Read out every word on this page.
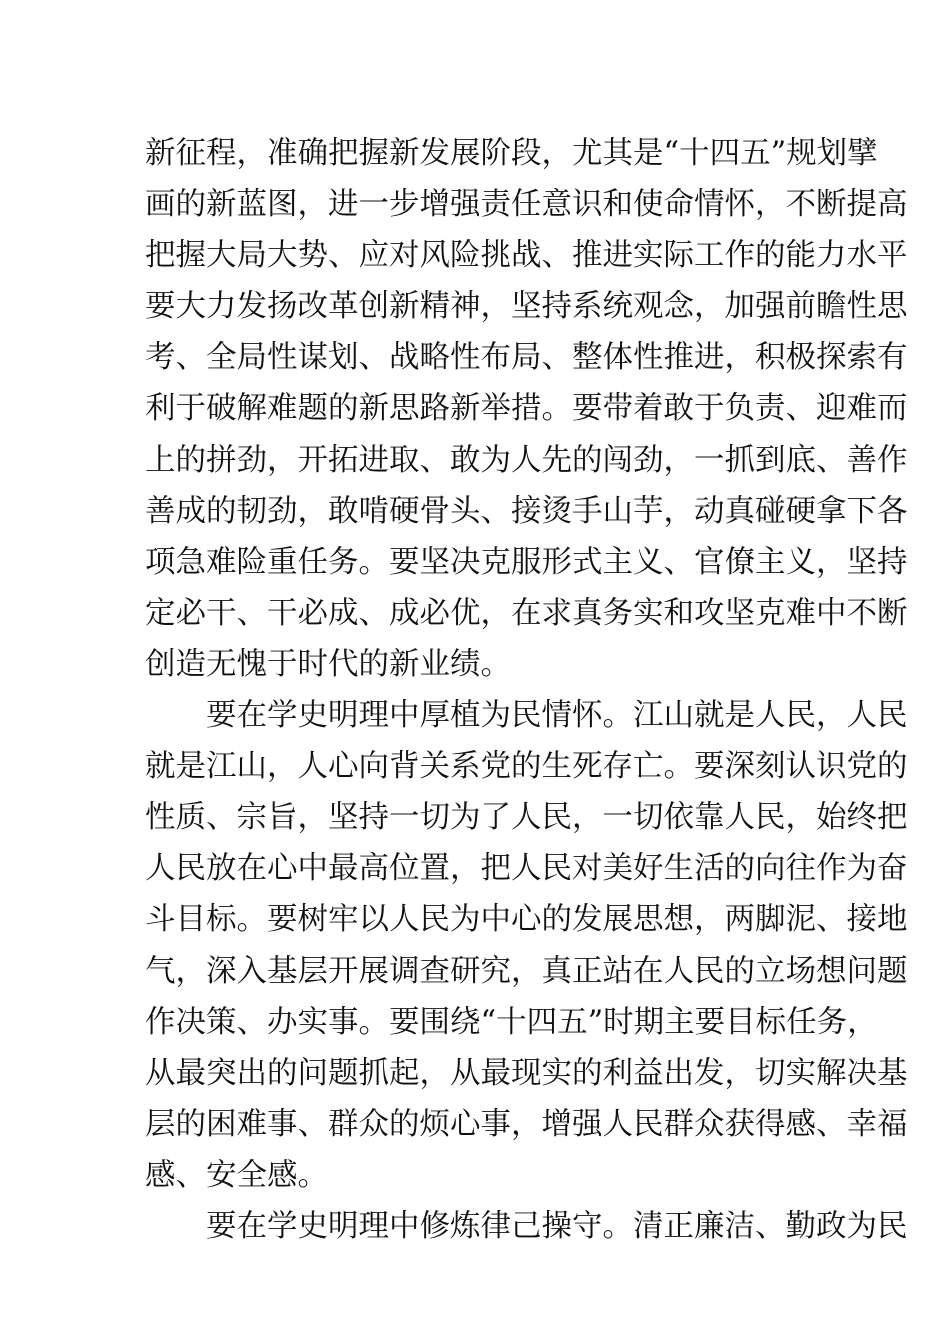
新征程，准确把握新发展阶段，尤其是“十四五”规划擘
画的新蓝图，进一步增强责任意识和使命情怀，不断提高
把握大局大势、应对风险挑战、推进实际工作的能力水平
要大力发扬改革创新精神，坚持系统观念，加强前瞻性思
考、全局性谋划、战略性布局、整体性推进，积极探索有
利于破解难题的新思路新举措。要带着敢于负责、迎难而
上的拼劲，开拓进取、敢为人先的闯劲，一抓到底、善作
善成的韧劲，敢啃硬骨头、接烫手山芋，动真碰硬拿下各
项急难险重任务。要坚决克服形式主义、官僚主义，坚持
定必干、干必成、成必优，在求真务实和攻坚克难中不断
创造无愧于时代的新业绩。
　　要在学史明理中厚植为民情怀。江山就是人民，人民
就是江山，人心向背关系党的生死存亡。要深刻认识党的
性质、宗旨，坚持一切为了人民，一切依靠人民，始终把
人民放在心中最高位置，把人民对美好生活的向往作为奋
斗目标。要树牢以人民为中心的发展思想，两脚泥、接地
气，深入基层开展调查研究，真正站在人民的立场想问题
作决策、办实事。要围绕“十四五”时期主要目标任务，
从最突出的问题抓起，从最现实的利益出发，切实解决基
层的困难事、群众的烦心事，增强人民群众获得感、幸福
感、安全感。
　　要在学史明理中修炼律己操守。清正廉洁、勤政为民
